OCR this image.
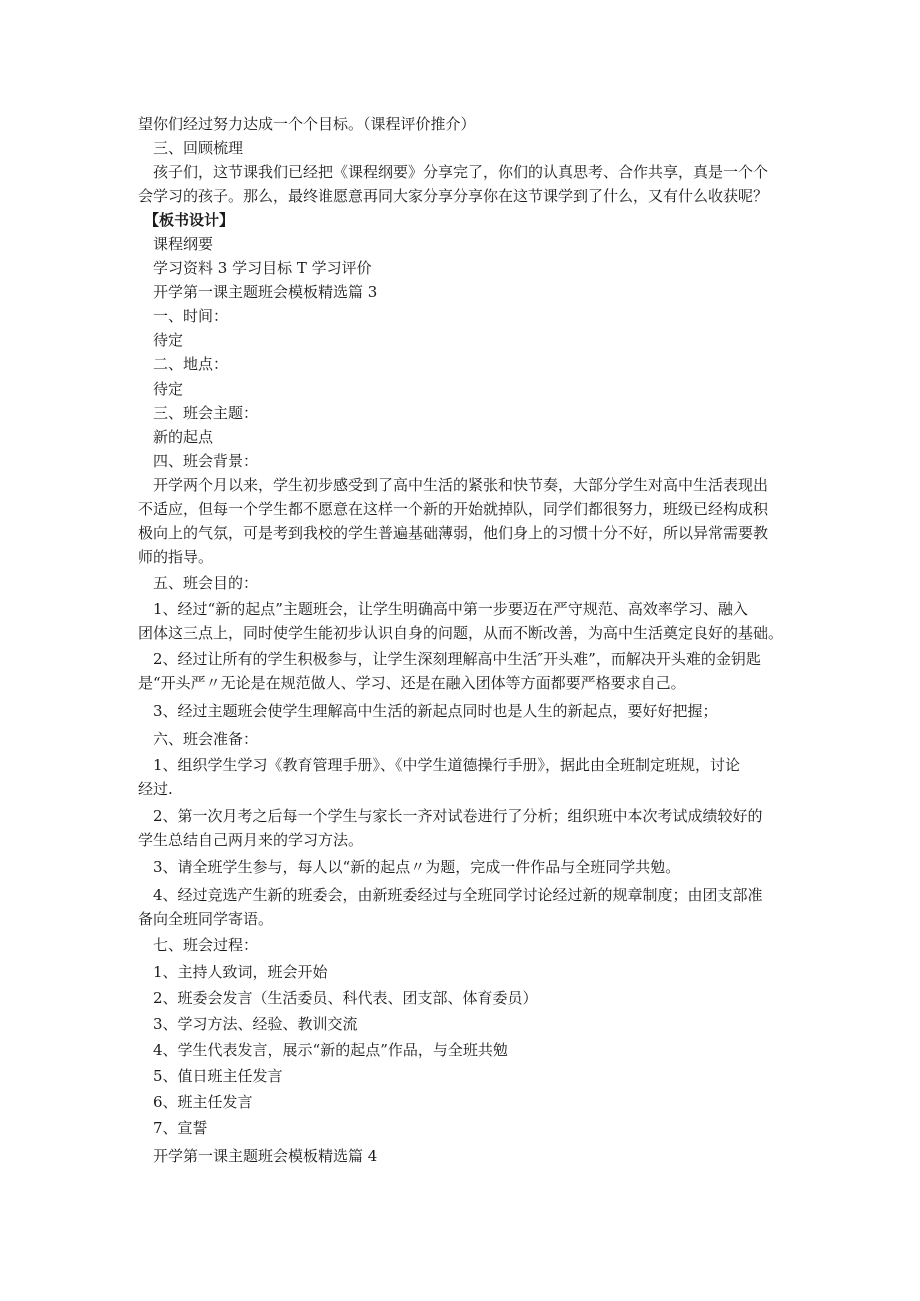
望你们经过努力达成一个个目标。（课程评价推介）
三、回顾梳理
孩子们，这节课我们已经把《课程纲要》分享完了，你们的认真思考、合作共享，真是一个个
会学习的孩子。那么，最终谁愿意再同大家分享分享你在这节课学到了什么，又有什么收获呢？
【板书设计】
课程纲要
学习资料 3 学习目标 T 学习评价
开学第一课主题班会模板精选篇 3
一、时间：
待定
二、地点：
待定
三、班会主题：
新的起点
四、班会背景：
开学两个月以来，学生初步感受到了高中生活的紧张和快节奏，大部分学生对高中生活表现出
不适应，但每一个学生都不愿意在这样一个新的开始就掉队，同学们都很努力，班级已经构成积
极向上的气氛，可是考到我校的学生普遍基础薄弱，他们身上的习惯十分不好，所以异常需要教
师的指导。
五、班会目的：
1、经过“新的起点”主题班会，让学生明确高中第一步要迈在严守规范、高效率学习、融入
团体这三点上，同时使学生能初步认识自身的问题，从而不断改善，为高中生活奠定良好的基础。
2、经过让所有的学生积极参与，让学生深刻理解高中生活″开头难”，而解决开头难的金钥匙
是“开头严〃无论是在规范做人、学习、还是在融入团体等方面都要严格要求自己。
3、经过主题班会使学生理解高中生活的新起点同时也是人生的新起点，要好好把握；
六、班会准备：
1、组织学生学习《教育管理手册》、《中学生道德操行手册》，据此由全班制定班规，讨论
经过.
2、第一次月考之后每一个学生与家长一齐对试卷进行了分析；组织班中本次考试成绩较好的
学生总结自己两月来的学习方法。
3、请全班学生参与，每人以“新的起点〃为题，完成一件作品与全班同学共勉。
4、经过竞选产生新的班委会，由新班委经过与全班同学讨论经过新的规章制度；由团支部准
备向全班同学寄语。
七、班会过程：
1、主持人致词，班会开始
2、班委会发言（生活委员、科代表、团支部、体育委员）
3、学习方法、经验、教训交流
4、学生代表发言，展示“新的起点”作品，与全班共勉
5、值日班主任发言
6、班主任发言
7、宣誓
开学第一课主题班会模板精选篇 4
